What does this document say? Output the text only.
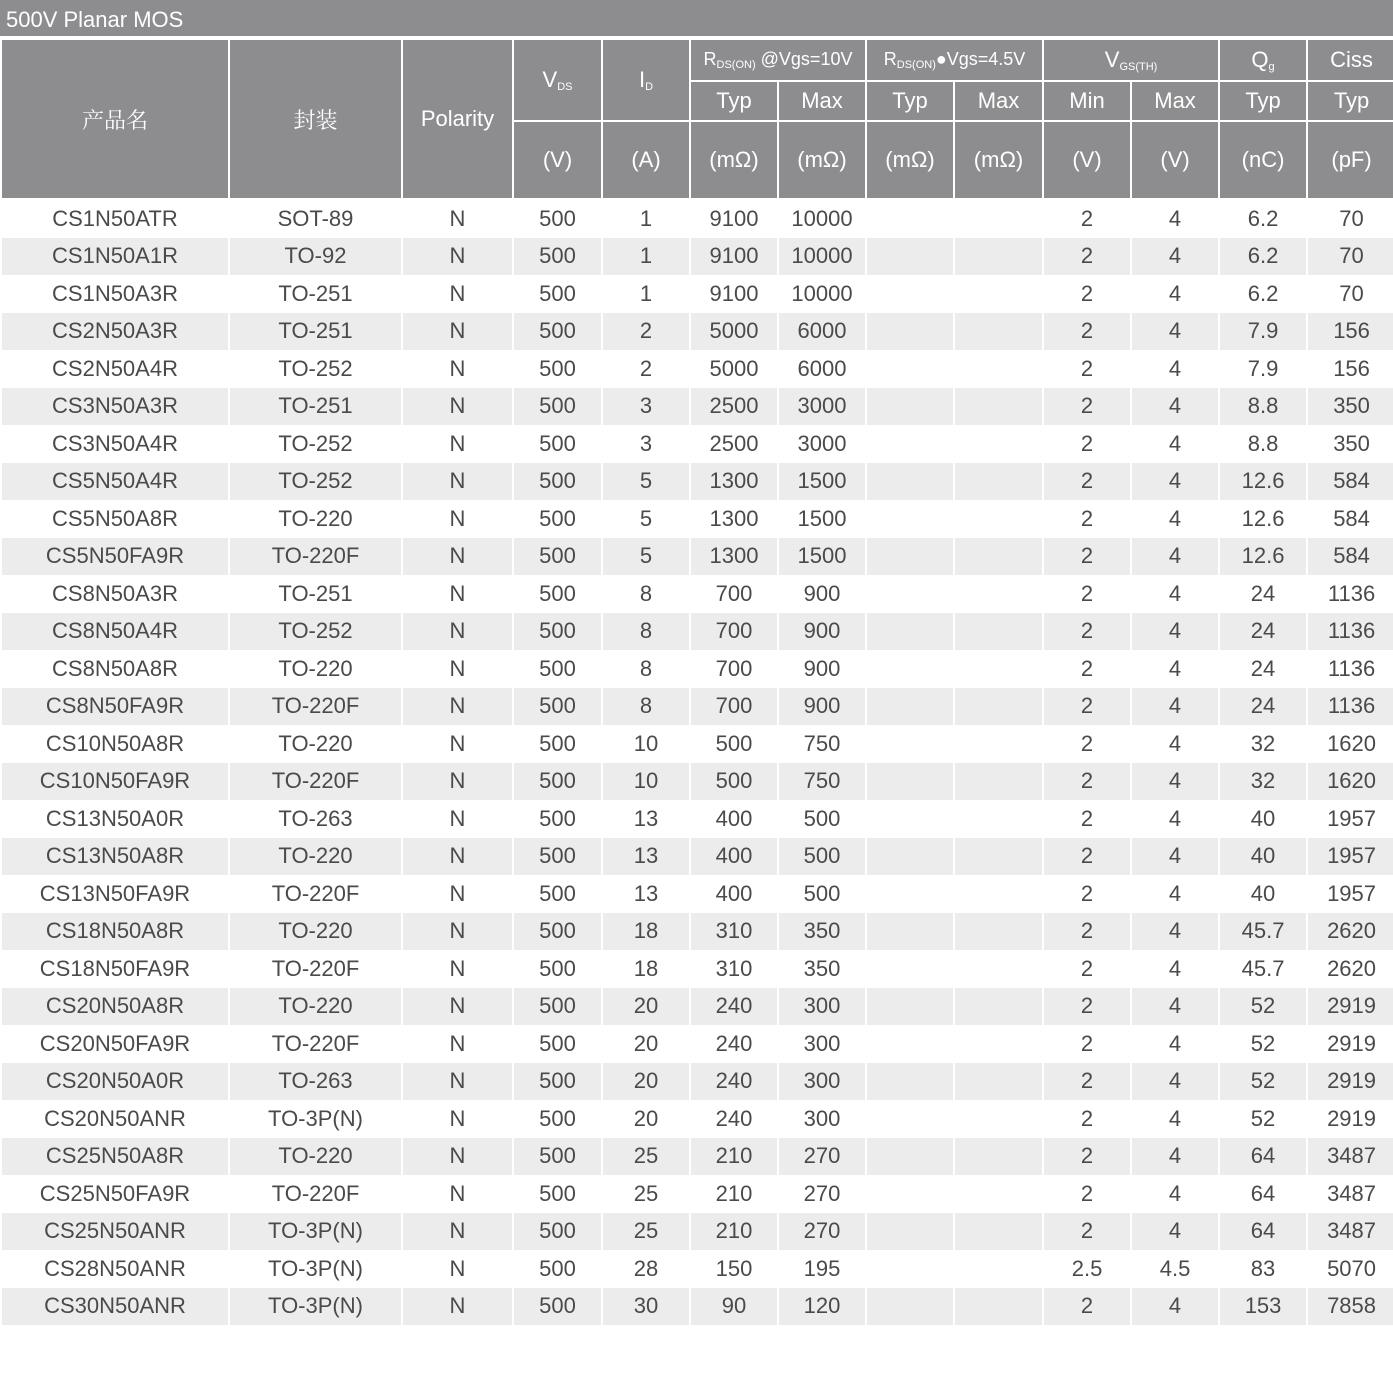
500V Planar MOS
产品名	封装	Polarity	$V_{DS}$	$I_D$	$R_{DS(ON)}$ @Vgs=10V		$R_{DS(ON)}●Vgs=4.5V$		$V_{GS(TH)}$		$Q_g$	Ciss
					Typ	Max	Typ	Max	Min	Max	Typ	Typ
			(V)	(A)	(mΩ)	(mΩ)	(mΩ)	(mΩ)	(V)	(V)	(nC)	(pF)
CS1N50ATR	SOT-89	N	500	1	9100	10000			2	4	6.2	70
CS1N50A1R	TO-92	N	500	1	9100	10000			2	4	6.2	70
CS1N50A3R	TO-251	N	500	1	9100	10000			2	4	6.2	70
CS2N50A3R	TO-251	N	500	2	5000	6000			2	4	7.9	156
CS2N50A4R	TO-252	N	500	2	5000	6000			2	4	7.9	156
CS3N50A3R	TO-251	N	500	3	2500	3000			2	4	8.8	350
CS3N50A4R	TO-252	N	500	3	2500	3000			2	4	8.8	350
CS5N50A4R	TO-252	N	500	5	1300	1500			2	4	12.6	584
CS5N50A8R	TO-220	N	500	5	1300	1500			2	4	12.6	584
CS5N50FA9R	TO-220F	N	500	5	1300	1500			2	4	12.6	584
CS8N50A3R	TO-251	N	500	8	700	900			2	4	24	1136
CS8N50A4R	TO-252	N	500	8	700	900			2	4	24	1136
CS8N50A8R	TO-220	N	500	8	700	900			2	4	24	1136
CS8N50FA9R	TO-220F	N	500	8	700	900			2	4	24	1136
CS10N50A8R	TO-220	N	500	10	500	750			2	4	32	1620
CS10N50FA9R	TO-220F	N	500	10	500	750			2	4	32	1620
CS13N50A0R	TO-263	N	500	13	400	500			2	4	40	1957
CS13N50A8R	TO-220	N	500	13	400	500			2	4	40	1957
CS13N50FA9R	TO-220F	N	500	13	400	500			2	4	40	1957
CS18N50A8R	TO-220	N	500	18	310	350			2	4	45.7	2620
CS18N50FA9R	TO-220F	N	500	18	310	350			2	4	45.7	2620
CS20N50A8R	TO-220	N	500	20	240	300			2	4	52	2919
CS20N50FA9R	TO-220F	N	500	20	240	300			2	4	52	2919
CS20N50A0R	TO-263	N	500	20	240	300			2	4	52	2919
CS20N50ANR	TO-3P(N)	N	500	20	240	300			2	4	52	2919
CS25N50A8R	TO-220	N	500	25	210	270			2	4	64	3487
CS25N50FA9R	TO-220F	N	500	25	210	270			2	4	64	3487
CS25N50ANR	TO-3P(N)	N	500	25	210	270			2	4	64	3487
CS28N50ANR	TO-3P(N)	N	500	28	150	195			2.5	4.5	83	5070
CS30N50ANR	TO-3P(N)	N	500	30	90	120			2	4	153	7858
